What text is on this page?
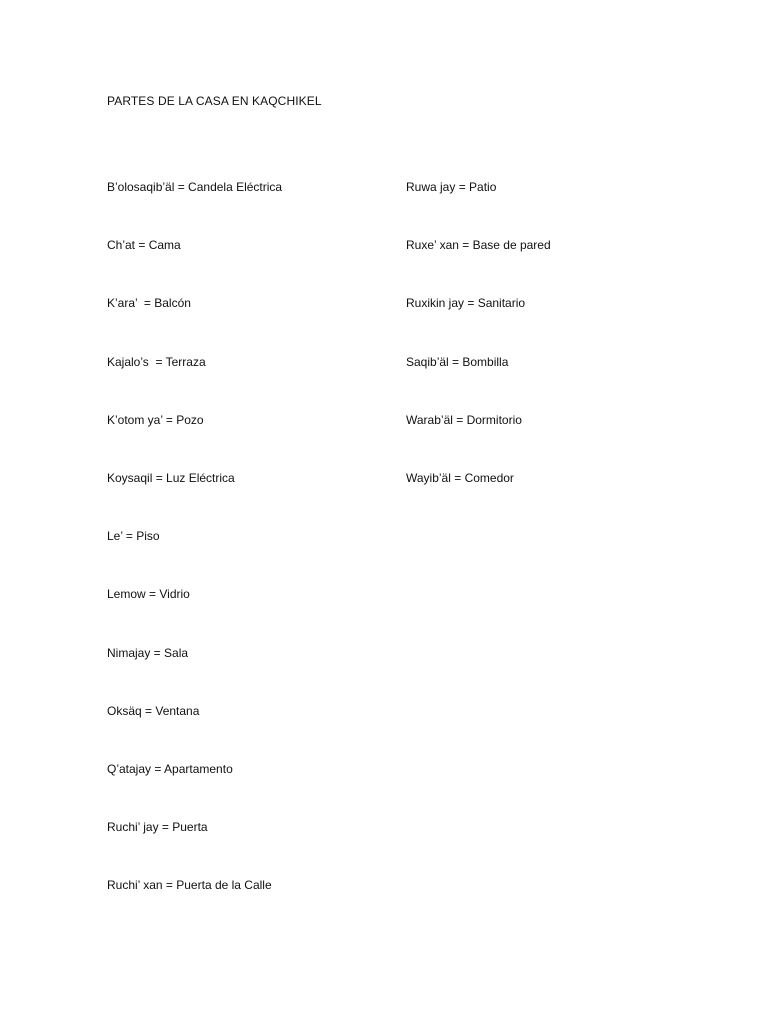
PARTES DE LA CASA EN KAQCHIKEL
B’olosaqib’äl = Candela Eléctrica
Ch’at = Cama
K’ara’  = Balcón
Kajalo’s  = Terraza
K’otom ya’ = Pozo
Koysaqil = Luz Eléctrica
Le’ = Piso
Lemow = Vidrio
Nimajay = Sala
Oksäq = Ventana
Q’atajay = Apartamento
Ruchi’ jay = Puerta
Ruchi’ xan = Puerta de la Calle
Ruwa jay = Patio
Ruxe’ xan = Base de pared
Ruxikin jay = Sanitario
Saqib’äl = Bombilla
Warab’äl = Dormitorio
Wayib’äl = Comedor
